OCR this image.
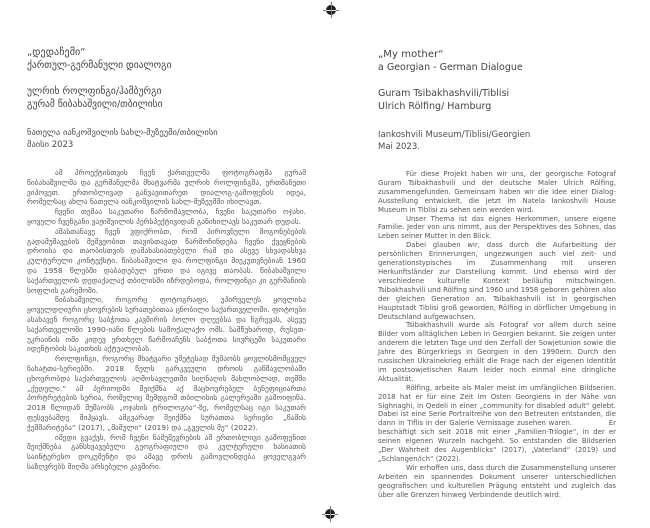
„დედაჩემი“
ქართულ-გერმანული დიალოგი
ულრიხ როლფინგი/ჰამბურგი
გურამ წიბახაშვილი/თბილისი
ნათელა იანკოშვილის სახლ-მუზეუმი/თბილისი
მაისი 2023

ამ პროექტისთვის ჩვენ ქართველმა ფოტოგრაფმა გურამ წიბახაშვილმა და გერმანელმა მხატვარმა ულრიხ როლფინგმა, ერთმანეთი ვიპოვეთ. ერთობლივად განვავითარეთ დიალოგ-გამოფენის იდეა, რომელსაც ახლა ნათელა იანკოშვილის სახლ-მუზეუმში იხილავთ.

ჩვენი თემაა საკუთარი წარმომავლობა, ჩვენი საკუთარი ოჯახი. ყოველი ჩვენგანი ვაჟიშვილის პერსპექტივიდან განიხილავს საკუთარ დედას.

ამასთანავე ჩვენ ვფიქრობთ, რომ პიროვნული მოგონებების გადამუშავების მეშვეობით თავისთავად წარმოჩინდება ჩვენი ქვეყნების დროისა და თაობისთვის დამახასიათებელი რამ და ასევე სხვადასხვა კულტურული კონტექსტი. წიბახაშვილი და როლფინგი მიეკუთვნებიან 1960 და 1958 წლებში დაბადებულ ერთი და იგივე თაობას. წიბახაშვილი საქართველოს დედაქალაქ თბილისში იზრდებოდა, როლფინგი კი გერმანიის სოფლის გარემოში.

წიბახაშვილი, როგორც ფოტოგრაფი, უპირველეს ყოვლისა ყოველდღიური ცხოვრების სურათებითაა ცნობილი საქართველოში. ფოტოები ასახავენ როგორც საბჭოთა კავშირის ბოლო დღეებსა და ნგრევას, ასევე საქართველოში 1990-იანი წლების სამოქალაქო ომს. სამწუხაროდ, რუსეთ-უკრაინის ომი კიდევ ერთხელ წარმოაჩენს საბჭოთა სივრცეში საკუთარი იდენტობის საკითხის აქტუალობას.

როლფინგი, როგორც მხატვარი უმეტესად მუშაობს ყოვლისმომცველ ნახატთა-სერიებში. 2018 წელს გარკვეული დროის განმავლობაში ცხოვრობდა საქართველოს აღმოსავლეთში სიღნაღის მახლობლად, თემში „ქედელი.“ ამ პერიოდში შეიქმნა აქ მაცხოვრებელ ბენეფიციართა პორტრეტების სერია, რომელიც შემდგომ თბილისის გალერეაში გამოიფინა. 2018 წლიდან მუშაობს „ოჯახის ტრილოგია“-ზე, რომელსაც იგი საკუთარ ფესვებამდე მიჰყავს. ამგვარად შეიქმნა სურათთა სერიები „წამის ჭეშმარიტება“ (2017), „მამული“ (2019) და „გველის მე“ (2022).

იმედი გვაქვს, რომ ჩვენი ნამუშევრების ამ ერთობლივი გამოფენით შეიქმნება განსხვავებული გეოგრაფიული და კულტურული ხასიათის საინტერესო დოკუმენტი და ამავე დროს გამოვლინდება ყოველგვარ საზღვრებს მიღმა არსებული კავშირი.

„My mother“
a Georgian - German Dialogue
Guram Tsibakhashvili/Tiblisi
Ulrich Rölfing/ Hamburg
Iankoshvili Museum/Tiblisi/Georgien
Mai 2023.

Für diese Projekt haben wir uns, der georgische Fotograf Guram Tsibakhashvili und der deutsche Maler Ulrich Rölfing, zusammengefunden. Gemeinsam haben wir die Idee einer Dialog-Ausstellung entwickelt, die jetzt im Natela Iankoshvili House Museum in Tiblisi zu sehen sein werden wird.

Unser Thema ist das eignes Herkommen, unsere eigene Familie. Jeder von uns nimmt, aus der Perspektives des Sohnes, das Leben seiner Mutter in den Blick.

Dabei glauben wir, dass durch die Aufarbeitung der persönlichen Erinnerungen, ungezwungen auch viel zeit- und generationstypisches im Zusammenhang mit unseren Herkunftsländer zur Darstellung kommt. Und ebenso wird der verschiedene kulturelle Kontext beiläufig mitschwingen. Tsibakhashvili und Rölfing sind 1960 und 1958 geboren gehören also der gleichen Generation an. Tsibakhashvili ist in georgischen Hauptstadt Tiblisi groß geworden, Rölfing in dörflicher Umgebung in Deutschland aufgewachsen.

Tsibakhashvili wurde als Fotograf vor allem durch seine Bilder vom alltäglichen Leben in Georgien bekannt. Sie zeigen unter anderem die letzten Tage und den Zerfall der Sowjetunion sowie die Jahre des Bürgerkriegs in Georgien in den 1990ern. Durch den russischen Ukrainekrieg erhält die Frage nach der eigenen Identität im postsowjetischen Raum leider noch einmal eine dringliche Aktualität.

Rölfing, arbeite als Maler meist im umfänglichen Bildserien. 2018 hat er für eine Zeit im Osten Georgiens in der Nähe von Sighnaghi, in Qedeli in einer „community for disabled adult“ gelebt. Dabei ist eine Serie Portraitreihe von den Betreuten entstanden, die dann in Tiflis in der Galerie Vernissage zusehen waren.             Er beschäftigt sich seit 2018 mit einer „Familien-Trilogie“, in der er seinen eigenen Wurzeln nachgeht. So entstanden die Bildserien „Der Wahrheit des Augenblicks“ (2017), „Vaterland“ (2019) und „Schlangen/ich“ (2022).

Wir erhoffen uns, dass durch die Zusammenstellung unserer Arbeiten ein spannendes Dokument unserer unterschiedlichen geografischen und kulturellen Prägung entsteht und zugleich das über alle Grenzen hinweg Verbindende deutlich wird.
